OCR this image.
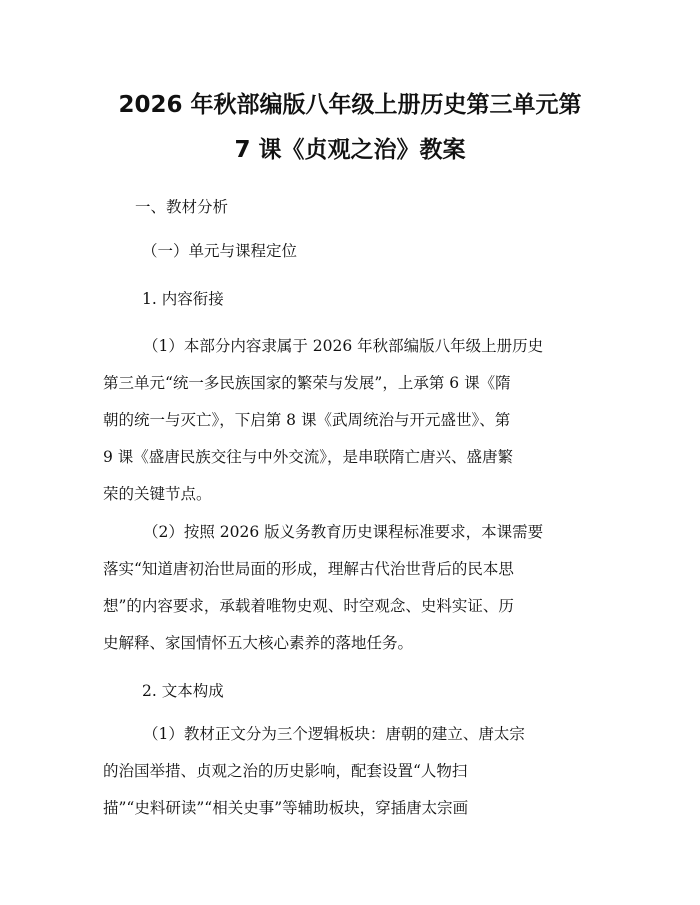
2026 年秋部编版八年级上册历史第三单元第
7 课《贞观之治》教案

一、教材分析

（一）单元与课程定位

1. 内容衔接

（1）本部分内容隶属于 2026 年秋部编版八年级上册历史
第三单元“统一多民族国家的繁荣与发展”，上承第 6 课《隋
朝的统一与灭亡》，下启第 8 课《武周统治与开元盛世》、第
9 课《盛唐民族交往与中外交流》，是串联隋亡唐兴、盛唐繁
荣的关键节点。
（2）按照 2026 版义务教育历史课程标准要求，本课需要
落实“知道唐初治世局面的形成，理解古代治世背后的民本思
想”的内容要求，承载着唯物史观、时空观念、史料实证、历
史解释、家国情怀五大核心素养的落地任务。

2. 文本构成

（1）教材正文分为三个逻辑板块：唐朝的建立、唐太宗
的治国举措、贞观之治的历史影响，配套设置“人物扫
描”“史料研读”“相关史事”等辅助板块，穿插唐太宗画
